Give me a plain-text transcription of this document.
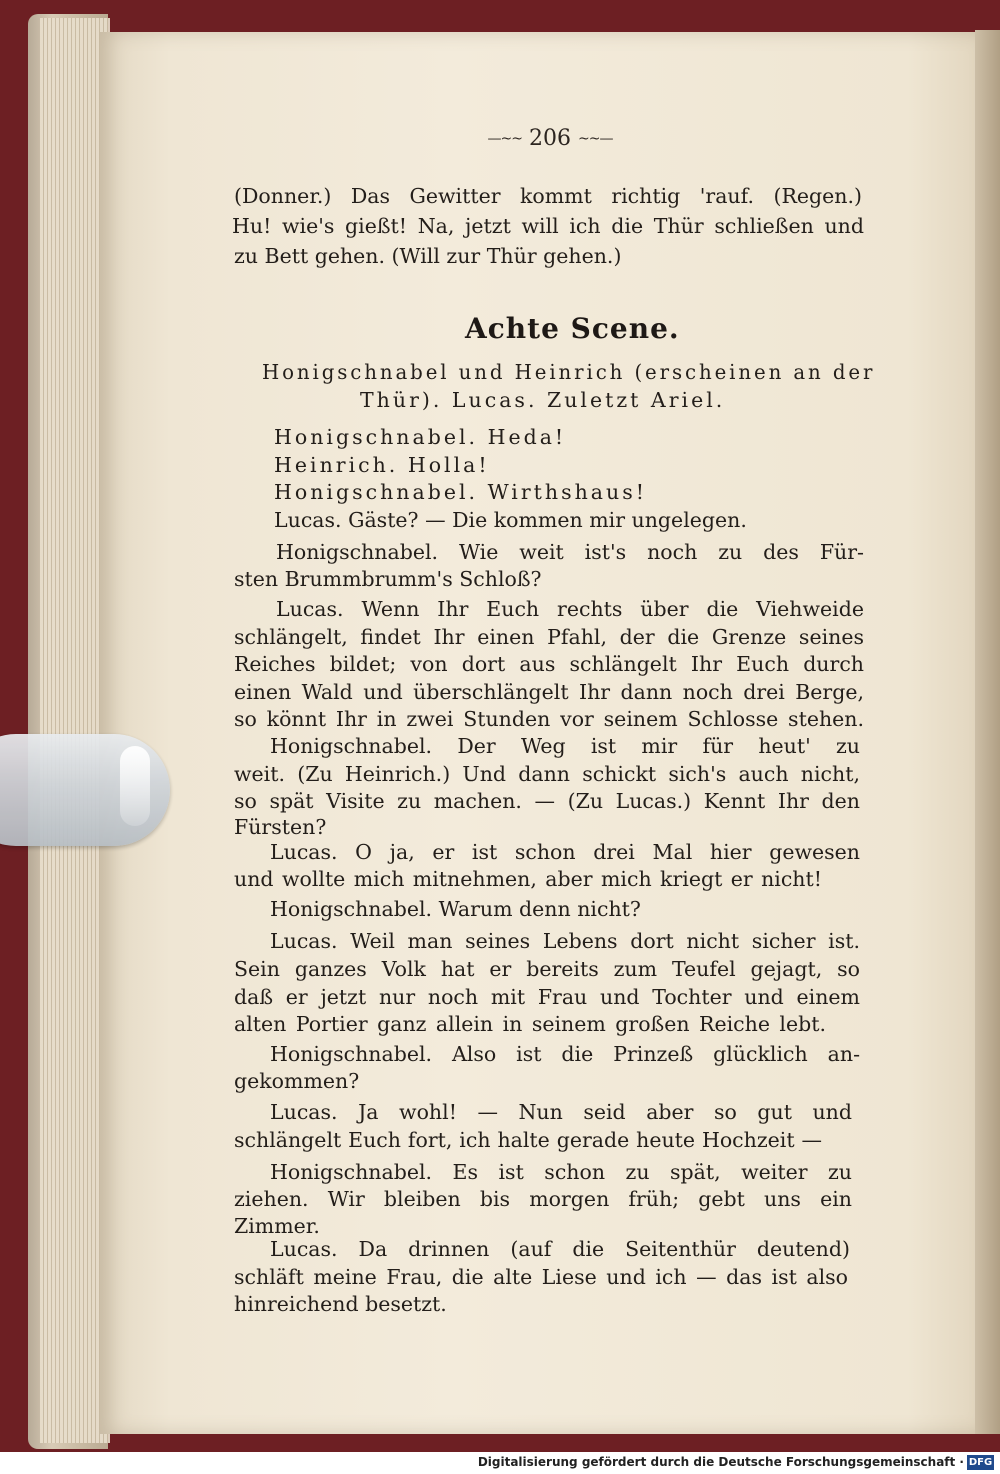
—~~ 206 ~~—
(Donner.) Das Gewitter kommt richtig 'rauf. (Regen.)
Hu! wie's gießt! Na, jetzt will ich die Thür schließen und
zu Bett gehen. (Will zur Thür gehen.)
Achte Scene.
Honigschnabel und Heinrich (erscheinen an der
Thür). Lucas. Zuletzt Ariel.
Honigschnabel. Heda!
Heinrich. Holla!
Honigschnabel. Wirthshaus!
Lucas. Gäste? — Die kommen mir ungelegen.
Honigschnabel. Wie weit ist's noch zu des Für-
sten Brummbrumm's Schloß?
Lucas. Wenn Ihr Euch rechts über die Viehweide
schlängelt, findet Ihr einen Pfahl, der die Grenze seines
Reiches bildet; von dort aus schlängelt Ihr Euch durch
einen Wald und überschlängelt Ihr dann noch drei Berge,
so könnt Ihr in zwei Stunden vor seinem Schlosse stehen.
Honigschnabel. Der Weg ist mir für heut' zu
weit. (Zu Heinrich.) Und dann schickt sich's auch nicht,
so spät Visite zu machen. — (Zu Lucas.) Kennt Ihr den
Fürsten?
Lucas. O ja, er ist schon drei Mal hier gewesen
und wollte mich mitnehmen, aber mich kriegt er nicht!
Honigschnabel. Warum denn nicht?
Lucas. Weil man seines Lebens dort nicht sicher ist.
Sein ganzes Volk hat er bereits zum Teufel gejagt, so
daß er jetzt nur noch mit Frau und Tochter und einem
alten Portier ganz allein in seinem großen Reiche lebt.
Honigschnabel. Also ist die Prinzeß glücklich an-
gekommen?
Lucas. Ja wohl! — Nun seid aber so gut und
schlängelt Euch fort, ich halte gerade heute Hochzeit —
Honigschnabel. Es ist schon zu spät, weiter zu
ziehen. Wir bleiben bis morgen früh; gebt uns ein
Zimmer.
Lucas. Da drinnen (auf die Seitenthür deutend)
schläft meine Frau, die alte Liese und ich — das ist also
hinreichend besetzt.
Digitalisierung gefördert durch die Deutsche Forschungsgemeinschaft · DFG
